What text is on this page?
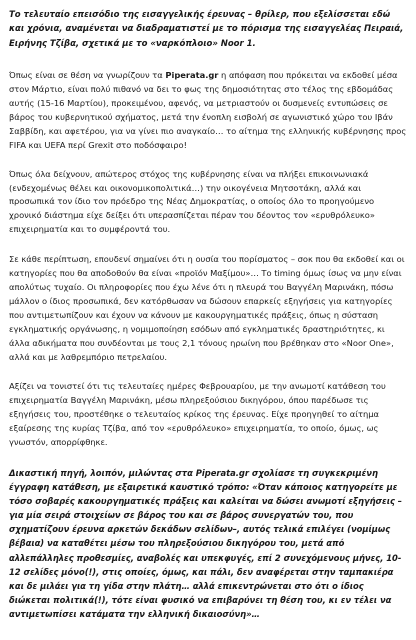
Το τελευταίο επεισόδιο της εισαγγελικής έρευνας – θρίλερ, που εξελίσσεται εδώ και χρόνια, αναμένεται να διαδραματιστεί με το πόρισμα της εισαγγελέας Πειραιά, Ειρήνης Τζίβα, σχετικά με το «ναρκόπλοιο» Noor 1.

Όπως είναι σε θέση να γνωρίζουν τα Piperata.gr η απόφαση που πρόκειται να εκδοθεί μέσα στον Μάρτιο, είναι πολύ πιθανό να δει το φως της δημοσιότητας στο τέλος της εβδομάδας αυτής (15-16 Μαρτίου), προκειμένου, αφενός, να μετριαστούν οι δυσμενείς εντυπώσεις σε βάρος του κυβερνητικού σχήματος, μετά την ένοπλη εισβολή σε αγωνιστικό χώρο του Ιβάν Σαββίδη, και αφετέρου, για να γίνει πιο αναγκαίο… το αίτημα της ελληνικής κυβέρνησης προς FIFA και UEFA περί Grexit στο ποδόσφαιρο!

Όπως όλα δείχνουν, απώτερος στόχος της κυβέρνησης είναι να πλήξει επικοινωνιακά (ενδεχομένως θέλει και οικονομικοπολιτικά…) την οικογένεια Μητσοτάκη, αλλά και προσωπικά τον ίδιο τον πρόεδρο της Νέας Δημοκρατίας, ο οποίος όλο το προηγούμενο χρονικό διάστημα είχε δείξει ότι υπερασπίζεται πέραν του δέοντος τον «ερυθρόλευκο» επιχειρηματία και το συμφέροντά του.

Σε κάθε περίπτωση, επουδενί σημαίνει ότι η ουσία του πορίσματος – σοκ που θα εκδοθεί και οι κατηγορίες που θα αποδοθούν θα είναι «προϊόν Μαξίμου»… Το timing όμως ίσως να μην είναι απολύτως τυχαίο. Οι πληροφορίες που έχω λένε ότι η πλευρά του Βαγγέλη Μαρινάκη, πόσω μάλλον ο ίδιος προσωπικά, δεν κατόρθωσαν να δώσουν επαρκείς εξηγήσεις για κατηγορίες που αντιμετωπίζουν και έχουν να κάνουν με κακουργηματικές πράξεις, όπως η σύσταση εγκληματικής οργάνωσης, η νομιμοποίηση εσόδων από εγκληματικές δραστηριότητες, κι άλλα αδικήματα που συνδέονται με τους 2,1 τόνους ηρωίνη που βρέθηκαν στο «Noor One», αλλά και με λαθρεμπόριο πετρελαίου.

Αξίζει να τονιστεί ότι τις τελευταίες ημέρες Φεβρουαρίου, με την ανωμοτί κατάθεση του επιχειρηματία Βαγγέλη Μαρινάκη, μέσω πληρεξούσιου δικηγόρου, όπου παρέδωσε τις εξηγήσεις του, προστέθηκε ο τελευταίος κρίκος της έρευνας. Είχε προηγηθεί το αίτημα εξαίρεσης της κυρίας Τζίβα, από τον «ερυθρόλευκο» επιχειρηματία, το οποίο, όμως, ως γνωστόν, απορρίφθηκε.

Δικαστική πηγή, λοιπόν, μιλώντας στα Piperata.gr σχολίασε τη συγκεκριμένη έγγραφη κατάθεση, με εξαιρετικά καυστικό τρόπο: «Όταν κάποιος κατηγορείτε με τόσο σοβαρές κακουργηματικές πράξεις και καλείται να δώσει ανωμοτί εξηγήσεις – για μία σειρά στοιχείων σε βάρος του και σε βάρος συνεργατών του, που σχηματίζουν έρευνα αρκετών δεκάδων σελίδων–, αυτός τελικά επιλέγει (νομίμως βέβαια) να καταθέτει μέσω του πληρεξούσιου δικηγόρου του, μετά από αλλεπάλληλες προθεσμίες, αναβολές και υπεκφυγές, επί 2 συνεχόμενους μήνες, 10-12 σελίδες μόνο(!), στις οποίες, όμως, και πάλι, δεν αναφέρεται στην ταμπακιέρα και δε μιλάει για τη γίδα στην πλάτη… αλλά επικεντρώνεται στο ότι ο ίδιος διώκεται πολιτικά(!), τότε είναι φυσικό να επιβαρύνει τη θέση του, κι εν τέλει να αντιμετωπίσει κατάματα την ελληνική δικαιοσύνη»…
